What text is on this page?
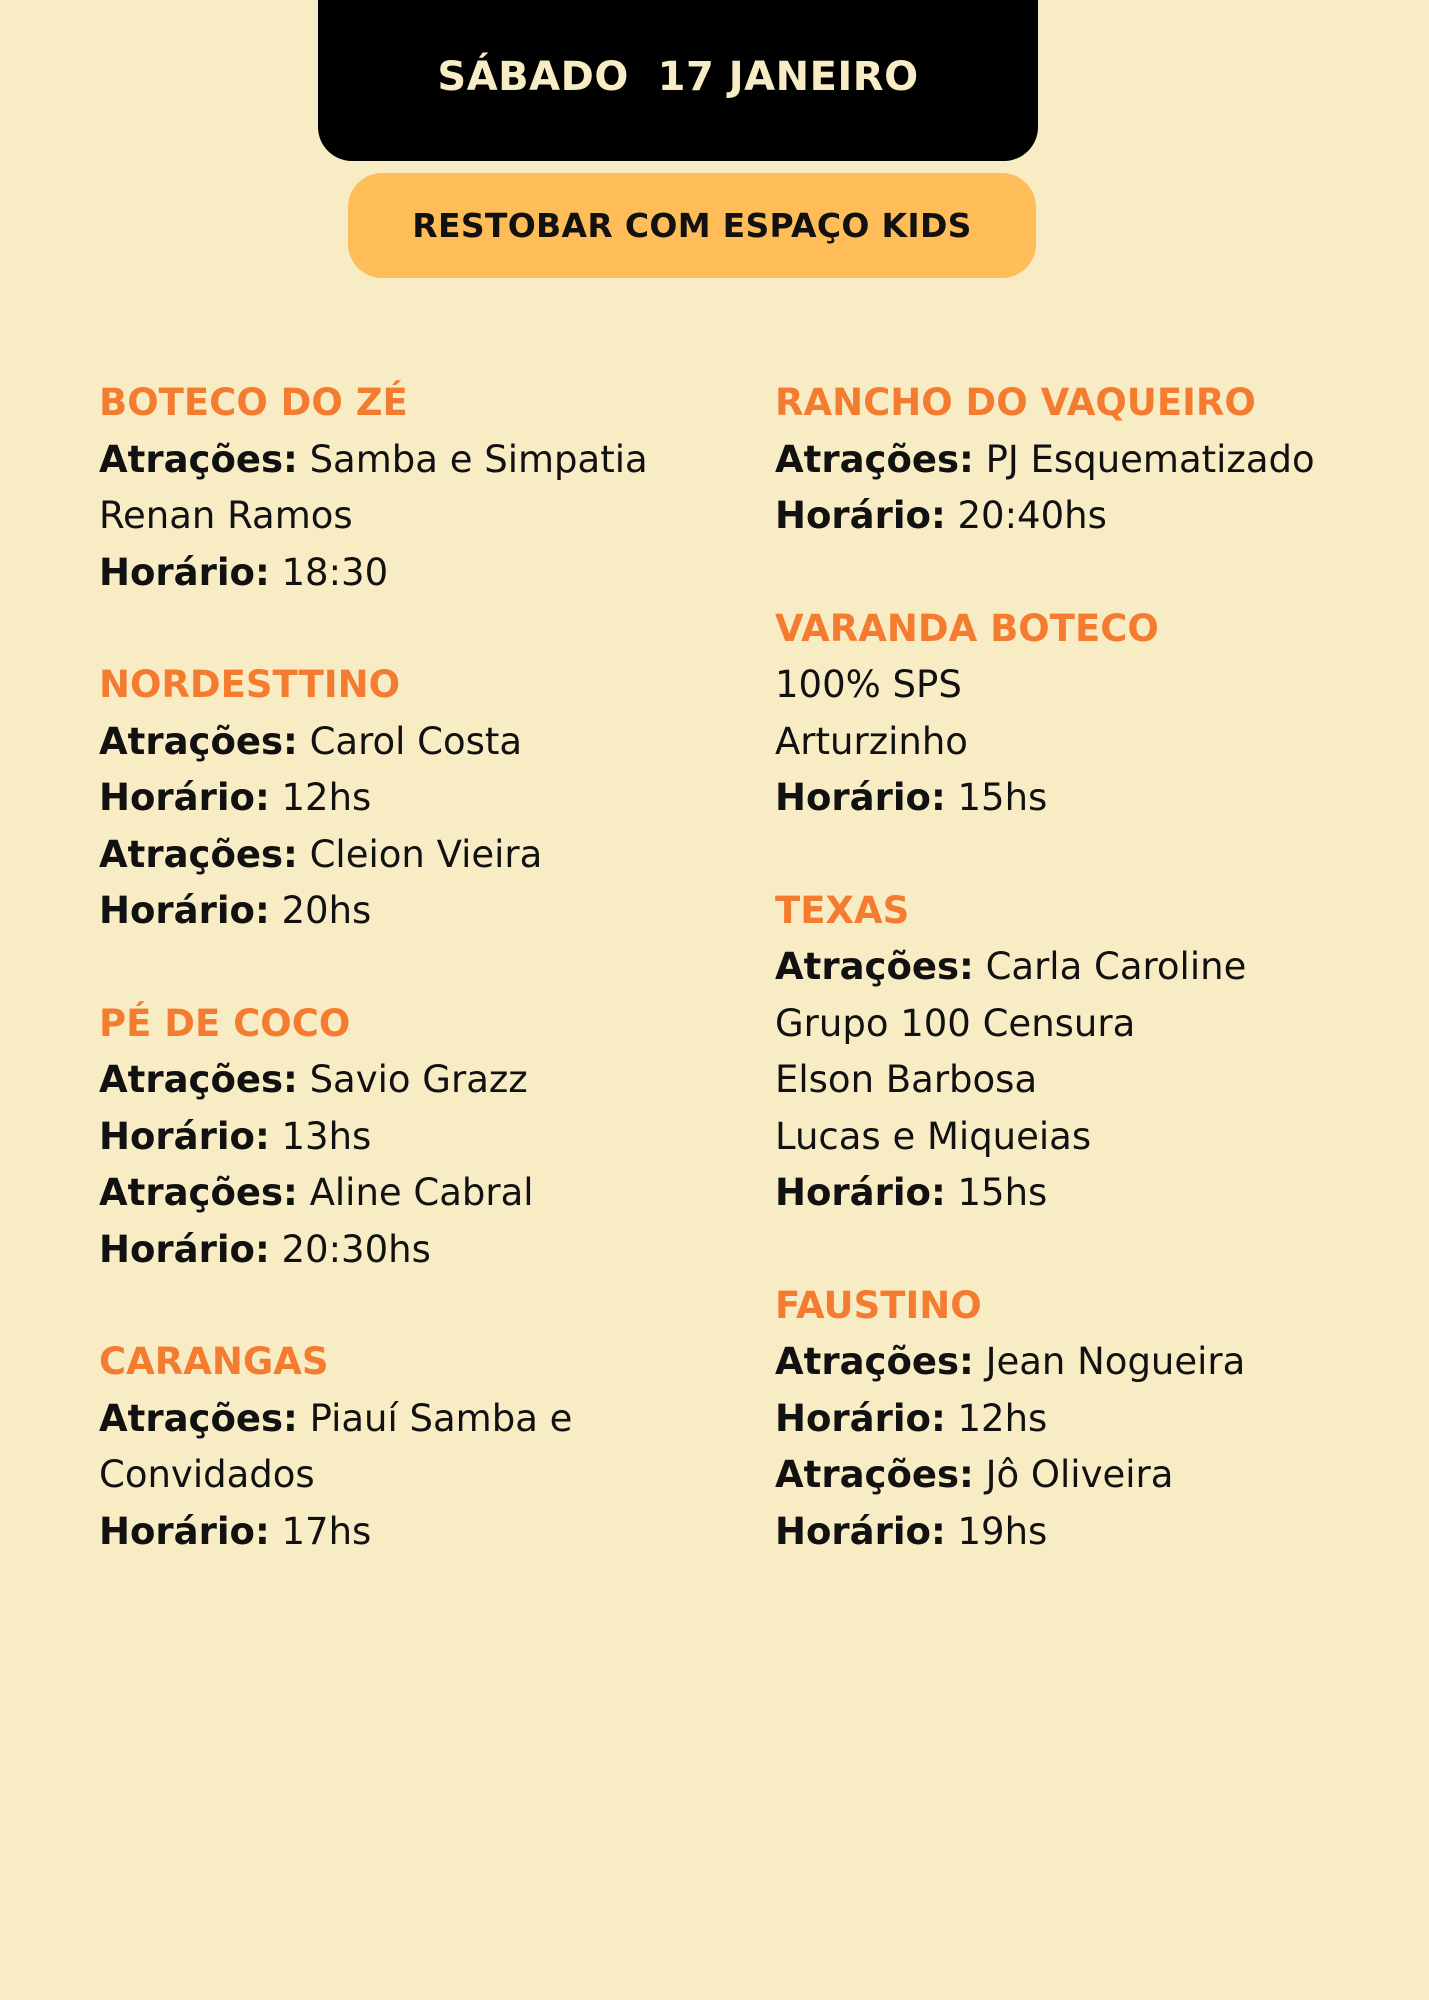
SÁBADO  17 JANEIRO
RESTOBAR COM ESPAÇO KIDS
BOTECO DO ZÉ
Atrações: Samba e Simpatia
Renan Ramos
Horário: 18:30
NORDESTTINO
Atrações: Carol Costa
Horário: 12hs
Atrações: Cleion Vieira
Horário: 20hs
PÉ DE COCO
Atrações: Savio Grazz
Horário: 13hs
Atrações: Aline Cabral
Horário: 20:30hs
CARANGAS
Atrações: Piauí Samba e
Convidados
Horário: 17hs
RANCHO DO VAQUEIRO
Atrações: PJ Esquematizado
Horário: 20:40hs
VARANDA BOTECO
100% SPS
Arturzinho
Horário: 15hs
TEXAS
Atrações: Carla Caroline
Grupo 100 Censura
Elson Barbosa
Lucas e Miqueias
Horário: 15hs
FAUSTINO
Atrações: Jean Nogueira
Horário: 12hs
Atrações: Jô Oliveira
Horário: 19hs
